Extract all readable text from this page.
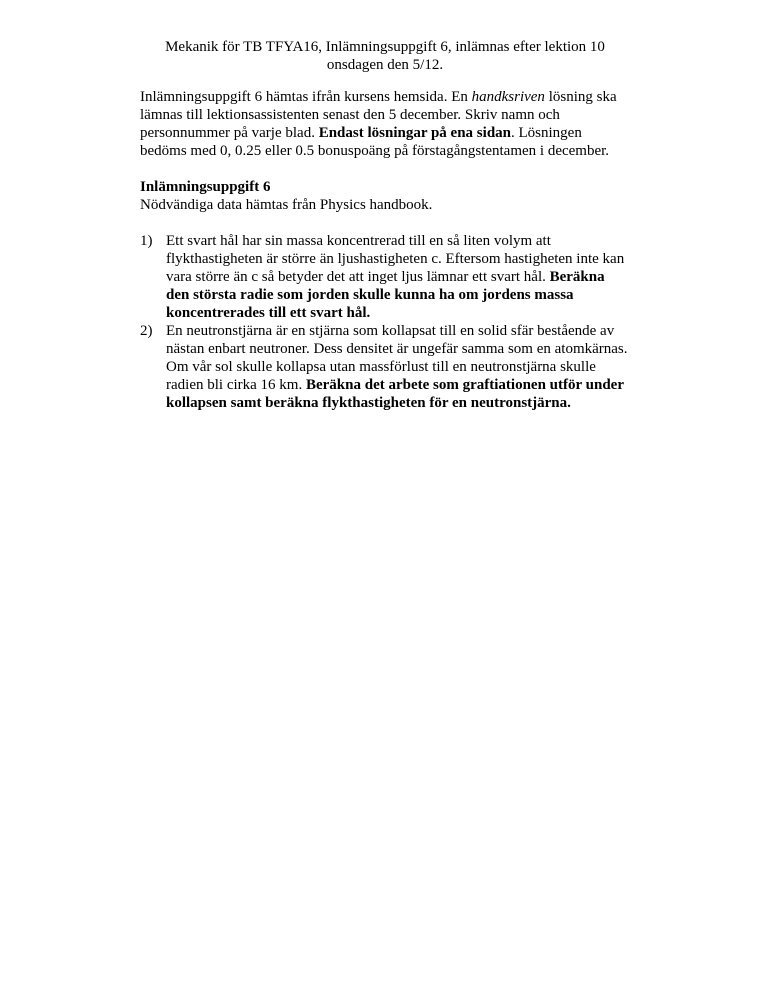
Mekanik för TB TFYA16, Inlämningsuppgift 6, inlämnas efter lektion 10 onsdagen den 5/12.

Inlämningsuppgift 6 hämtas ifrån kursens hemsida. En handksriven lösning ska lämnas till lektionsassistenten senast den 5 december. Skriv namn och personnummer på varje blad. Endast lösningar på ena sidan. Lösningen bedöms med 0, 0.25 eller 0.5 bonuspoäng på förstagångstentamen i december.

Inlämningsuppgift 6

Nödvändiga data hämtas från Physics handbook.

1) Ett svart hål har sin massa koncentrerad till en så liten volym att flykthastigheten är större än ljushastigheten c. Eftersom hastigheten inte kan vara större än c så betyder det att inget ljus lämnar ett svart hål. Beräkna den största radie som jorden skulle kunna ha om jordens massa koncentrerades till ett svart hål.
2) En neutronstjärna är en stjärna som kollapsat till en solid sfär bestående av nästan enbart neutroner. Dess densitet är ungefär samma som en atomkärnas. Om vår sol skulle kollapsa utan massförlust till en neutronstjärna skulle radien bli cirka 16 km. Beräkna det arbete som graftiationen utför under kollapsen samt beräkna flykthastigheten för en neutronstjärna.
